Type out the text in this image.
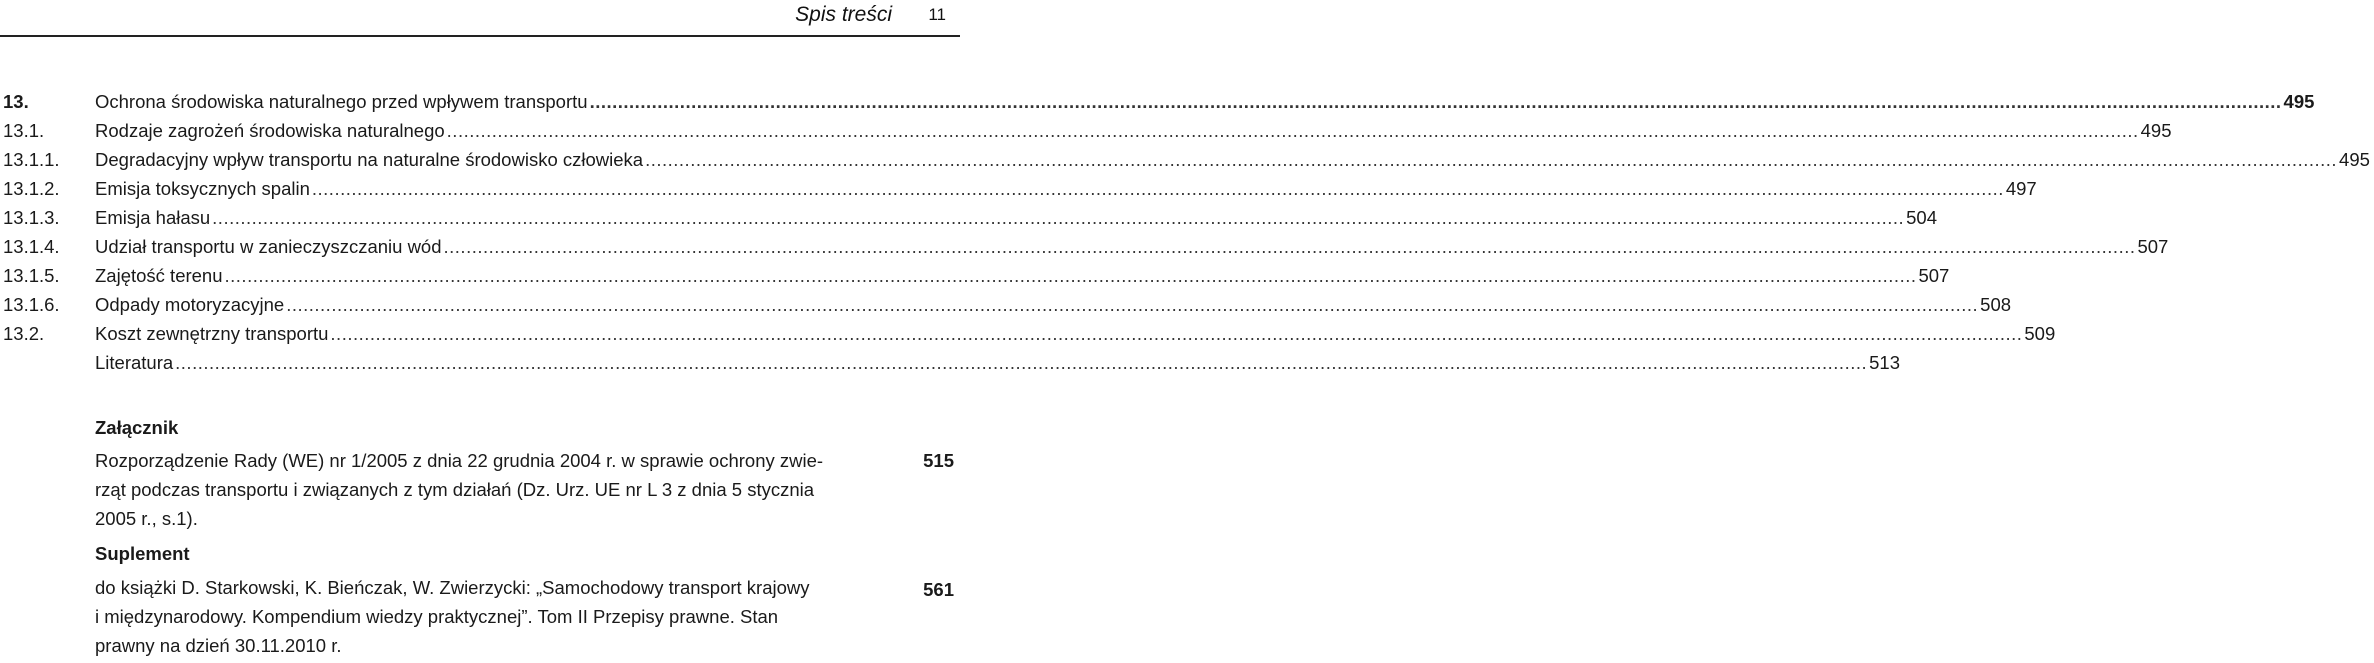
Spis treści 11
13.	Ochrona środowiska naturalnego przed wpływem transportu ............................................................................................................................................................................................................................................................................................................ 495
13.1.	Rodzaje zagrożeń środowiska naturalnego ............................................................................................................................................................................................................................................................................................................ 495
13.1.1. Degradacyjny wpływ transportu na naturalne środowisko człowieka ............................................................................................................................................................................................................................................................................................................ 495
13.1.2. Emisja toksycznych spalin ............................................................................................................................................................................................................................................................................................................ 497
13.1.3. Emisja hałasu ............................................................................................................................................................................................................................................................................................................ 504
13.1.4. Udział transportu w zanieczyszczaniu wód ............................................................................................................................................................................................................................................................................................................ 507
13.1.5. Zajętość terenu ............................................................................................................................................................................................................................................................................................................ 507
13.1.6. Odpady motoryzacyjne ............................................................................................................................................................................................................................................................................................................ 508
13.2.	Koszt zewnętrzny transportu ............................................................................................................................................................................................................................................................................................................ 509
Literatura ............................................................................................................................................................................................................................................................................................................ 513
Załącznik
Rozporządzenie Rady (WE) nr 1/2005 z dnia 22 grudnia 2004 r. w sprawie ochrony zwie-
rząt podczas transportu i związanych z tym działań (Dz. Urz. UE nr L 3 z dnia 5 stycznia
2005 r., s.1).
515
Suplement
do książki D. Starkowski, K. Bieńczak, W. Zwierzycki: „Samochodowy transport krajowy
i międzynarodowy. Kompendium wiedzy praktycznej”. Tom II Przepisy prawne. Stan
prawny na dzień 30.11.2010 r.
561
